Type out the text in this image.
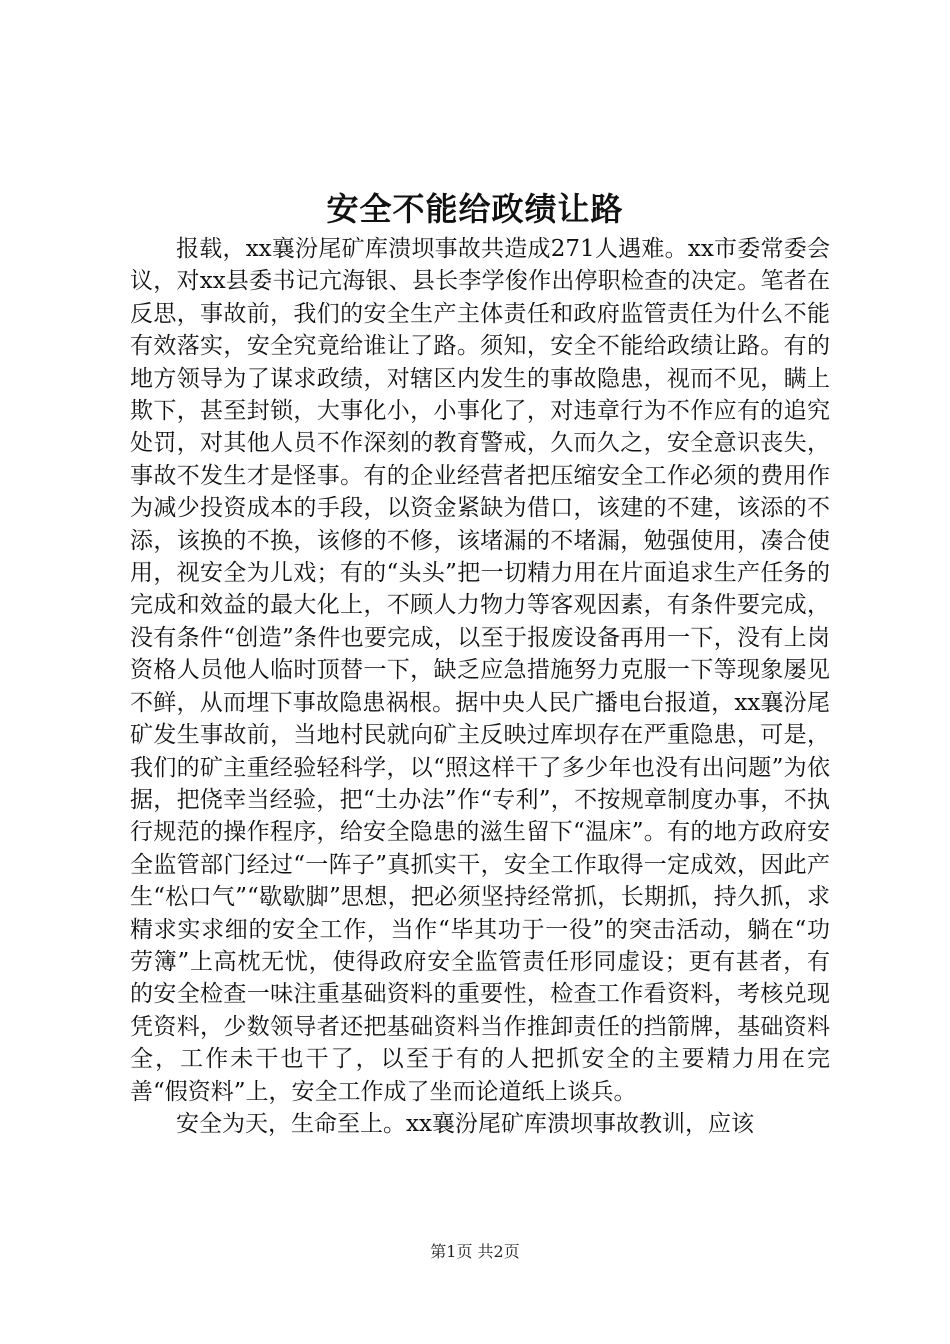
安全不能给政绩让路

报载，xx襄汾尾矿库溃坝事故共造成271人遇难。xx市委常委会议，对xx县委书记亢海银、县长李学俊作出停职检查的决定。笔者在反思，事故前，我们的安全生产主体责任和政府监管责任为什么不能有效落实，安全究竟给谁让了路。须知，安全不能给政绩让路。有的地方领导为了谋求政绩，对辖区内发生的事故隐患，视而不见，瞒上欺下，甚至封锁，大事化小，小事化了，对违章行为不作应有的追究处罚，对其他人员不作深刻的教育警戒，久而久之，安全意识丧失，事故不发生才是怪事。有的企业经营者把压缩安全工作必须的费用作为减少投资成本的手段，以资金紧缺为借口，该建的不建，该添的不添，该换的不换，该修的不修，该堵漏的不堵漏，勉强使用，凑合使用，视安全为儿戏；有的“头头”把一切精力用在片面追求生产任务的完成和效益的最大化上，不顾人力物力等客观因素，有条件要完成，没有条件“创造”条件也要完成，以至于报废设备再用一下，没有上岗资格人员他人临时顶替一下，缺乏应急措施努力克服一下等现象屡见不鲜，从而埋下事故隐患祸根。据中央人民广播电台报道，xx襄汾尾矿发生事故前，当地村民就向矿主反映过库坝存在严重隐患，可是，我们的矿主重经验轻科学，以“照这样干了多少年也没有出问题”为依据，把侥幸当经验，把“土办法”作“专利”，不按规章制度办事，不执行规范的操作程序，给安全隐患的滋生留下“温床”。有的地方政府安全监管部门经过“一阵子”真抓实干，安全工作取得一定成效，因此产生“松口气”“歇歇脚”思想，把必须坚持经常抓，长期抓，持久抓，求精求实求细的安全工作，当作“毕其功于一役”的突击活动，躺在“功劳簿”上高枕无忧，使得政府安全监管责任形同虚设；更有甚者，有的安全检查一味注重基础资料的重要性，检查工作看资料，考核兑现凭资料，少数领导者还把基础资料当作推卸责任的挡箭牌，基础资料全，工作未干也干了，以至于有的人把抓安全的主要精力用在完善“假资料”上，安全工作成了坐而论道纸上谈兵。

安全为天，生命至上。xx襄汾尾矿库溃坝事故教训，应该

第1页 共2页
